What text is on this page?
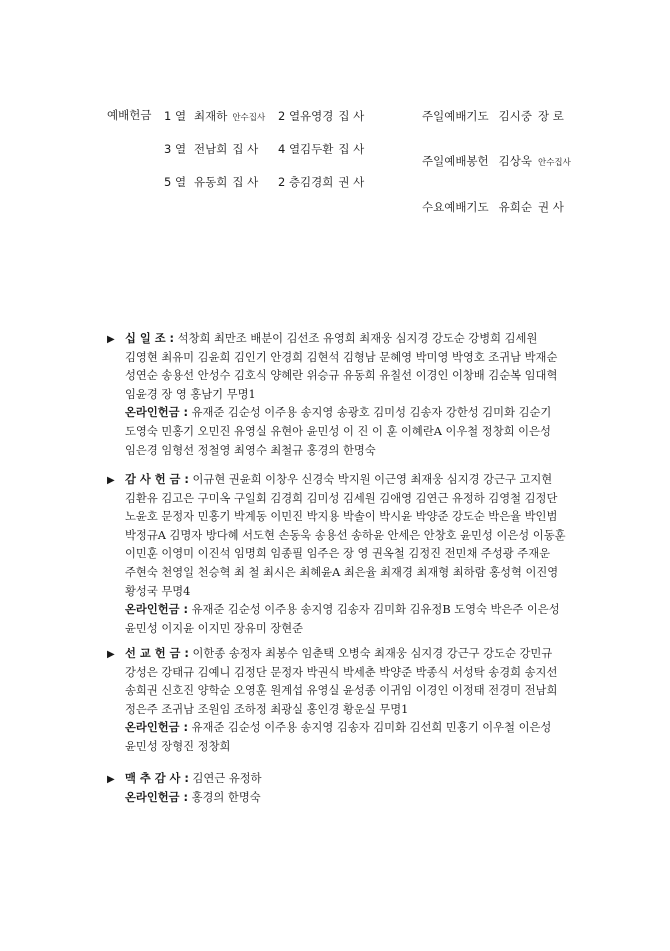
예배헌금 1 열 최재하 안수집사 2 열 유영경 집 사
3 열 전남희 집 사 4 열 김두환 집 사
5 열 유동희 집 사 2 층 김경희 권 사
주일예배기도 김시중 장 로
주일예배봉헌 김상욱 안수집사
수요예배기도 유희순 권 사
▶ 십 일 조 : 석창희 최만조 배분이 김선조 유영희 최재웅 심지경 강도순 강병희 김세원
김영현 최유미 김윤희 김인기 안경희 김현석 김형남 문혜영 박미영 박영호 조귀남 박재순
성연순 송용선 안성수 김호식 양혜란 위승규 유동희 유칠선 이경인 이창배 김순복 임대혁
임윤경 장 영 홍남기 무명1
온라인헌금 : 유재준 김순성 이주용 송지영 송광호 김미성 김송자 강한성 김미화 김순기
도영숙 민홍기 오민진 유영실 유현아 윤민성 이 진 이 훈 이혜란A 이우철 정창희 이은성
임은경 임형선 정철영 최영수 최철규 홍경의 한명숙
▶ 감 사 헌 금 : 이규현 권윤희 이창우 신경숙 박지원 이근영 최재웅 심지경 강근구 고지현
김환유 김고은 구미옥 구일회 김경희 김미성 김세원 김애영 김연근 유정하 김영철 김정단
노윤호 문정자 민홍기 박계동 이민진 박지용 박솔이 박시윤 박양준 강도순 박은율 박인범
박정규A 김명자 방다혜 서도현 손동욱 송용선 송하윤 안세은 안창호 윤민성 이은성 이동훈
이민훈 이영미 이진석 임명희 임종필 임주은 장 영 권옥철 김정진 전민채 주성광 주재운
주현숙 천영일 천승혁 최 철 최시은 최혜윤A 최은율 최재경 최재형 최하람 홍성혁 이진영
황성국 무명4
온라인헌금 : 유재준 김순성 이주용 송지영 김송자 김미화 김유정B 도영숙 박은주 이은성
윤민성 이지윤 이지민 장유미 장현준
▶ 선 교 헌 금 : 이한종 송정자 최봉수 임춘택 오병숙 최재웅 심지경 강근구 강도순 강민규
강성은 강태규 김예니 김정단 문정자 박권식 박세춘 박양준 박종식 서성탁 송경희 송지선
송희권 신호진 양학순 오영훈 원계섭 유영실 윤성종 이귀임 이경인 이정태 전경미 전남희
정은주 조귀남 조원임 조하정 최광실 홍인경 황운실 무명1
온라인헌금 : 유재준 김순성 이주용 송지영 김송자 김미화 김선희 민홍기 이우철 이은성
윤민성 장형진 정창희
▶ 맥 추 감 사 : 김연근 유정하
온라인헌금 : 홍경의 한명숙
